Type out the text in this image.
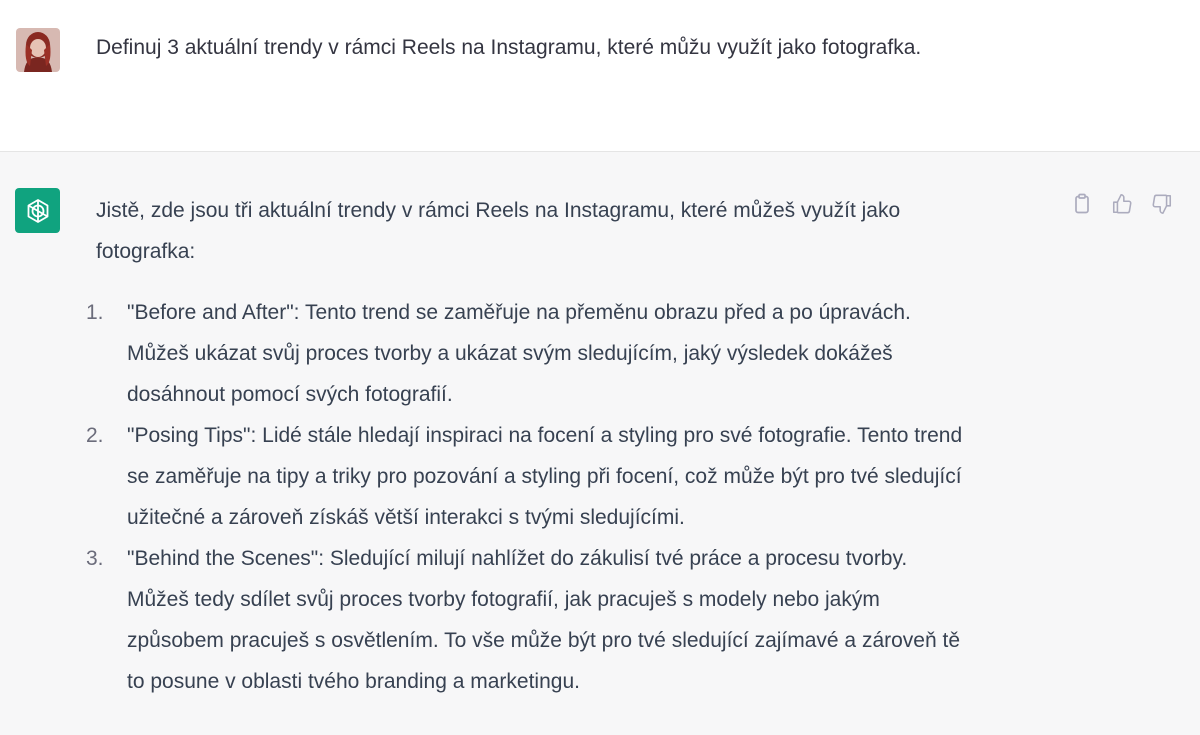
Definuj 3 aktuální trendy v rámci Reels na Instagramu, které můžu využít jako fotografka.

Jistě, zde jsou tři aktuální trendy v rámci Reels na Instagramu, které můžeš využít jako
fotografka:

1. "Before and After": Tento trend se zaměřuje na přeměnu obrazu před a po úpravách.
Můžeš ukázat svůj proces tvorby a ukázat svým sledujícím, jaký výsledek dokážeš
dosáhnout pomocí svých fotografií.
2. "Posing Tips": Lidé stále hledají inspiraci na focení a styling pro své fotografie. Tento trend
se zaměřuje na tipy a triky pro pozování a styling při focení, což může být pro tvé sledující
užitečné a zároveň získáš větší interakci s tvými sledujícími.
3. "Behind the Scenes": Sledující milují nahlížet do zákulisí tvé práce a procesu tvorby.
Můžeš tedy sdílet svůj proces tvorby fotografií, jak pracuješ s modely nebo jakým
způsobem pracuješ s osvětlením. To vše může být pro tvé sledující zajímavé a zároveň tě
to posune v oblasti tvého branding a marketingu.
